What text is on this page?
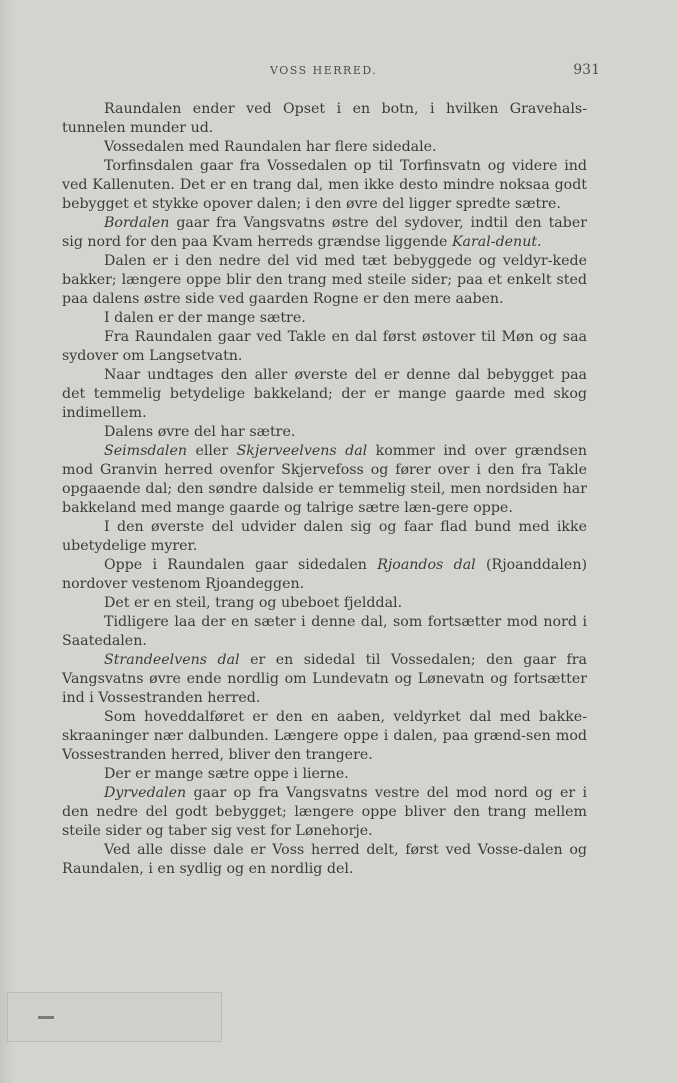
VOSS HERRED.	931

Raundalen ender ved Opset i en botn, i hvilken Gravehals-tunnelen munder ud.

Vossedalen med Raundalen har flere sidedale.

Torfinsdalen gaar fra Vossedalen op til Torfinsvatn og videre ind ved Kallenuten. Det er en trang dal, men ikke desto mindre noksaa godt bebygget et stykke opover dalen; i den øvre del ligger spredte sætre.

Bordalen gaar fra Vangsvatns østre del sydover, indtil den taber sig nord for den paa Kvam herreds grændse liggende Karal-denut.

Dalen er i den nedre del vid med tæt bebyggede og veldyr-kede bakker; længere oppe blir den trang med steile sider; paa et enkelt sted paa dalens østre side ved gaarden Rogne er den mere aaben.

I dalen er der mange sætre.

Fra Raundalen gaar ved Takle en dal først østover til Møn og saa sydover om Langsetvatn.

Naar undtages den aller øverste del er denne dal bebygget paa det temmelig betydelige bakkeland; der er mange gaarde med skog indimellem.

Dalens øvre del har sætre.

Seimsdalen eller Skjerveelvens dal kommer ind over grændsen mod Granvin herred ovenfor Skjervefoss og fører over i den fra Takle opgaaende dal; den søndre dalside er temmelig steil, men nordsiden har bakkeland med mange gaarde og talrige sætre læn-gere oppe.

I den øverste del udvider dalen sig og faar flad bund med ikke ubetydelige myrer.

Oppe i Raundalen gaar sidedalen Rjoandos dal (Rjoanddalen) nordover vestenom Rjoandeggen.

Det er en steil, trang og ubeboet fjelddal.

Tidligere laa der en sæter i denne dal, som fortsætter mod nord i Saatedalen.

Strandeelvens dal er en sidedal til Vossedalen; den gaar fra Vangsvatns øvre ende nordlig om Lundevatn og Lønevatn og fortsætter ind i Vossestranden herred.

Som hoveddalføret er den en aaben, veldyrket dal med bakke-skraaninger nær dalbunden. Længere oppe i dalen, paa grænd-sen mod Vossestranden herred, bliver den trangere.

Der er mange sætre oppe i lierne.

Dyrvedalen gaar op fra Vangsvatns vestre del mod nord og er i den nedre del godt bebygget; længere oppe bliver den trang mellem steile sider og taber sig vest for Lønehorje.

Ved alle disse dale er Voss herred delt, først ved Vosse-dalen og Raundalen, i en sydlig og en nordlig del.
